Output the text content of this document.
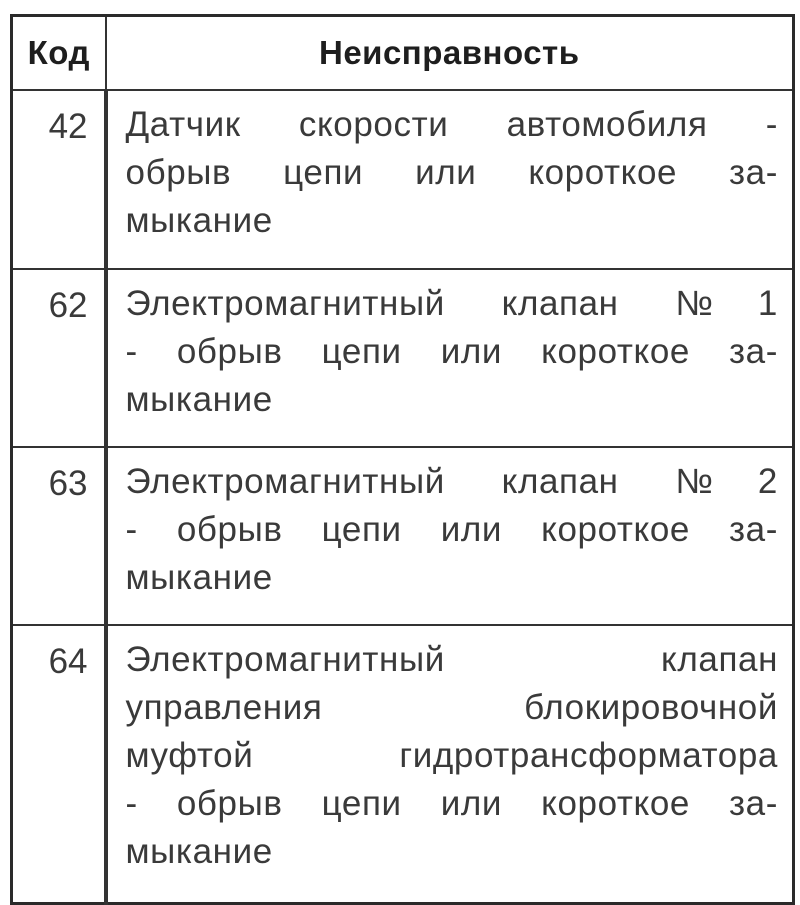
Код	Неисправность
42	Датчик скорости автомобиля -
обрыв цепи или короткое за-
мыкание

62	Электромагнитный клапан №1
- обрыв цепи или короткое за-
мыкание

63	Электромагнитный клапан №2
- обрыв цепи или короткое за-
мыкание

64	Электромагнитный клапан
управления блокировочной
муфтой гидротрансформатора
- обрыв цепи или короткое за-
мыкание
